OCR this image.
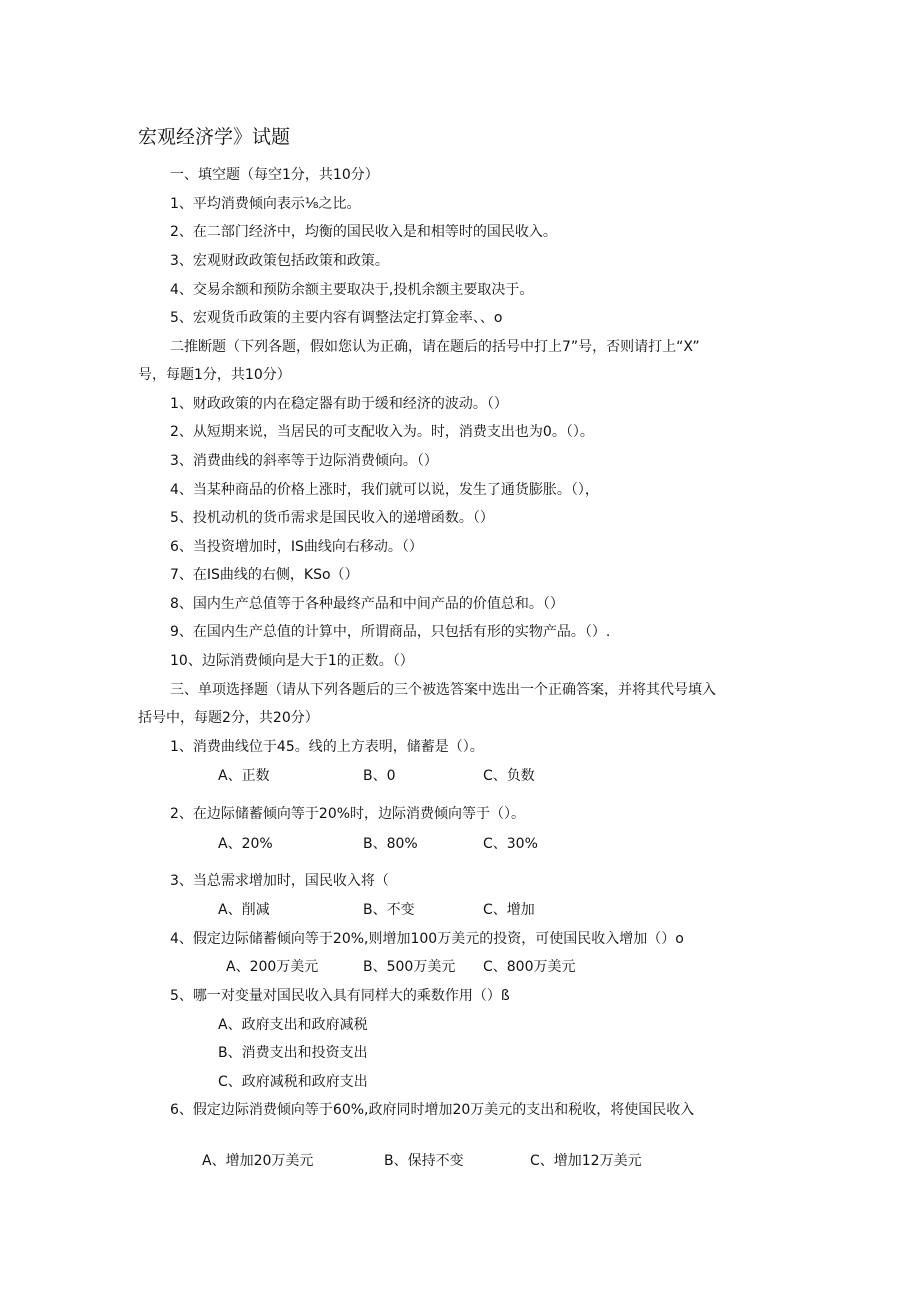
宏观经济学》试题
一、填空题（每空1分，共10分）
1、平均消费倾向表示⅛之比。
2、在二部门经济中，均衡的国民收入是和相等时的国民收入。
3、宏观财政政策包括政策和政策。
4、交易余额和预防余额主要取决于,投机余额主要取决于。
5、宏观货币政策的主要内容有调整法定打算金率、、o
二推断题（下列各题，假如您认为正确，请在题后的括号中打上7”号，否则请打上“X”
号，每题1分，共10分）
1、财政政策的内在稳定器有助于缓和经济的波动。（）
2、从短期来说，当居民的可支配收入为。时，消费支出也为0。（）。
3、消费曲线的斜率等于边际消费倾向。（）
4、当某种商品的价格上涨时，我们就可以说，发生了通货膨胀。（），
5、投机动机的货币需求是国民收入的递增函数。（）
6、当投资增加时，IS曲线向右移动。（）
7、在IS曲线的右侧，KSo（）
8、国内生产总值等于各种最终产品和中间产品的价值总和。（）
9、在国内生产总值的计算中，所谓商品，只包括有形的实物产品。（）.
10、边际消费倾向是大于1的正数。（）
三、单项选择题（请从下列各题后的三个被选答案中选出一个正确答案，并将其代号填入
括号中，每题2分，共20分）
1、消费曲线位于45。线的上方表明，储蓄是（）。
A、正数	B、0	C、负数
2、在边际储蓄倾向等于20%时，边际消费倾向等于（）。
A、20%	B、80%	C、30%
3、当总需求增加时，国民收入将（
A、削减	B、不变	C、增加
4、假定边际储蓄倾向等于20%,则增加100万美元的投资，可使国民收入增加（）o
A、200万美元	B、500万美元 C、800万美元
5、哪一对变量对国民收入具有同样大的乘数作用（）ß
A、政府支出和政府减税
B、消费支出和投资支出
C、政府减税和政府支出
6、假定边际消费倾向等于60%,政府同时增加20万美元的支出和税收，将使国民收入
A、增加20万美元	B、保持不变	C、增加12万美元
